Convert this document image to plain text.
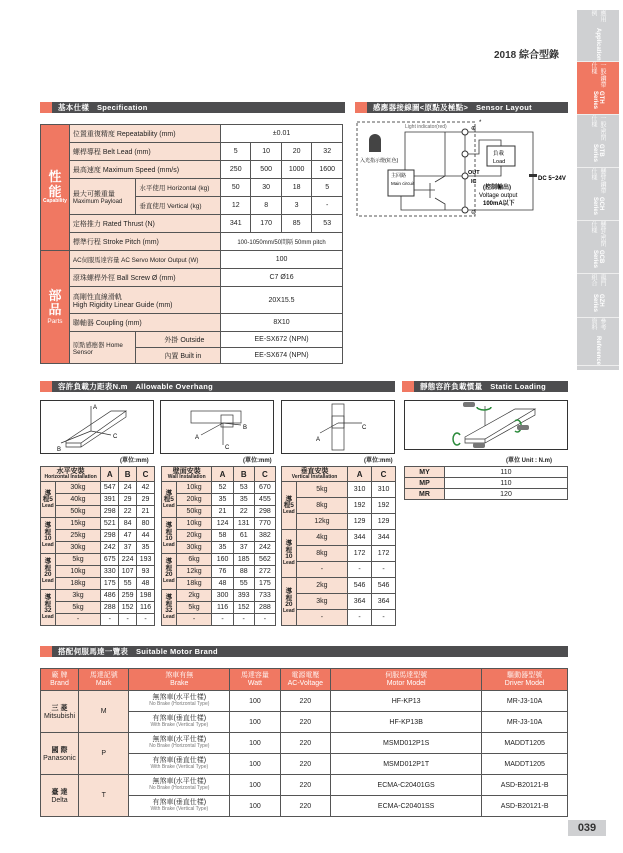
應用例
Application
一般/鋼帶仕樣
GTH Series
一般/密閉仕樣
GTB Series
懸臂/鋼帶仕樣
GCH Series
懸臂/密閉仕樣
GCB Series
龍門組合
GZH Series
參考資料
Reference
2018 綜合型錄
基本仕樣　Specification
性能
Capability	位置重復精度 Repeatability (mm)		±0.01			
	螺桿導程 Belt Lead (mm)		5	10	20	32
	最高速度 Maximum Speed (mm/s)		250	500	1000	1600
	最大可搬重量
Maximum Payload	水平使用 Horizontal (kg)	50	30	18	5
		垂直使用 Vertical (kg)	12	8	3	-
	定格推力 Rated Thrust (N)		341	170	85	53
	標準行程 Stroke Pitch (mm)		100-1050mm/50間隔 50mm pitch			
部品
Parts	AC伺服馬達容量 AC Servo Motor Output (W)		100			
	滾珠螺桿外徑 Ball Screw Ø (mm)		C7 Ø16			
	高剛性直線滑軌
High Rigidity Linear Guide (mm)		20X15.5			
	聯軸器 Coupling (mm)		8X10			
	原點感應器 Home Sensor	外掛 Outside	EE-SX672 (NPN)			
		內置 Built in	EE-SX674 (NPN)			
感應器接線圖<原點及極點>　Sensor Layout
入光指示燈(紅色)
Light indicator(red)
主回路
Main circuit
⊕
*
⊖
OUT
IC
負載
Load
DC 5~24V
(控制輸出)
Voltage output
100mA以下
容許負載力距表N.m　Allowable Overhang
A
C
B
A
C
B
A
C
(單位:mm)	(單位:mm)	(單位:mm)
水平安裝
Horizontal Installation		A	B	C
導程5
Lead	30kg	547	24	42
	40kg	391	29	29
	50kg	298	22	21
導程10
Lead	15kg	521	84	80
	25kg	298	47	44
	30kg	242	37	35
導程20
Lead	5kg	675	224	193
	10kg	330	107	93
	18kg	175	55	48
導程32
Lead	3kg	486	259	198
	5kg	288	152	116
	-	-	-	-
壁面安裝
Wall Installation		A	B	C
導程5
Lead	10kg	52	53	670
	20kg	35	35	455
	50kg	21	22	298
導程10
Lead	10kg	124	131	770
	20kg	58	61	382
	30kg	35	37	242
導程20
Lead	6kg	160	185	562
	12kg	76	88	272
	18kg	48	55	175
導程32
Lead	2kg	300	393	733
	5kg	116	152	288
	-	-	-	-
垂直安裝
Vertical Installation		A	C
導程5
Lead	5kg	310	310
	8kg	192	192
	12kg	129	129
導程10
Lead	4kg	344	344
	8kg	172	172
	-	-	-
導程20
Lead	2kg	546	546
	3kg	364	364
	-	-	-
靜態容許負載慣量　Static Loading
(單位 Unit : N.m)
MY	110
MP	110
MR	120
搭配伺服馬達一覽表　Suitable Motor Brand
廠 牌
Brand	馬達記號
Mark	煞車有無
Brake	馬達容量
Watt	電源電壓
AC-Voltage	伺服馬達型號
Motor Model	驅動器型號
Driver Model
三 菱
Mitsubishi	M	無煞車(水平仕樣)
No Brake (Horizontal Type)	100	220	HF-KP13	MR-J3-10A

		有煞車(垂直仕樣)
With Brake (Vertical Type)	100	220	HF-KP13B	MR-J3-10A
國 際
Panasonic	P	無煞車(水平仕樣)
No Brake (Horizontal Type)	100	220	MSMD012P1S	MADDT1205

		有煞車(垂直仕樣)
With Brake (Vertical Type)	100	220	MSMD012P1T	MADDT1205
臺 達
Delta	T	無煞車(水平仕樣)
No Brake (Horizontal Type)	100	220	ECMA-C20401GS	ASD-B20121-B

		有煞車(垂直仕樣)
With Brake (Vertical Type)	100	220	ECMA-C20401SS	ASD-B20121-B
039
